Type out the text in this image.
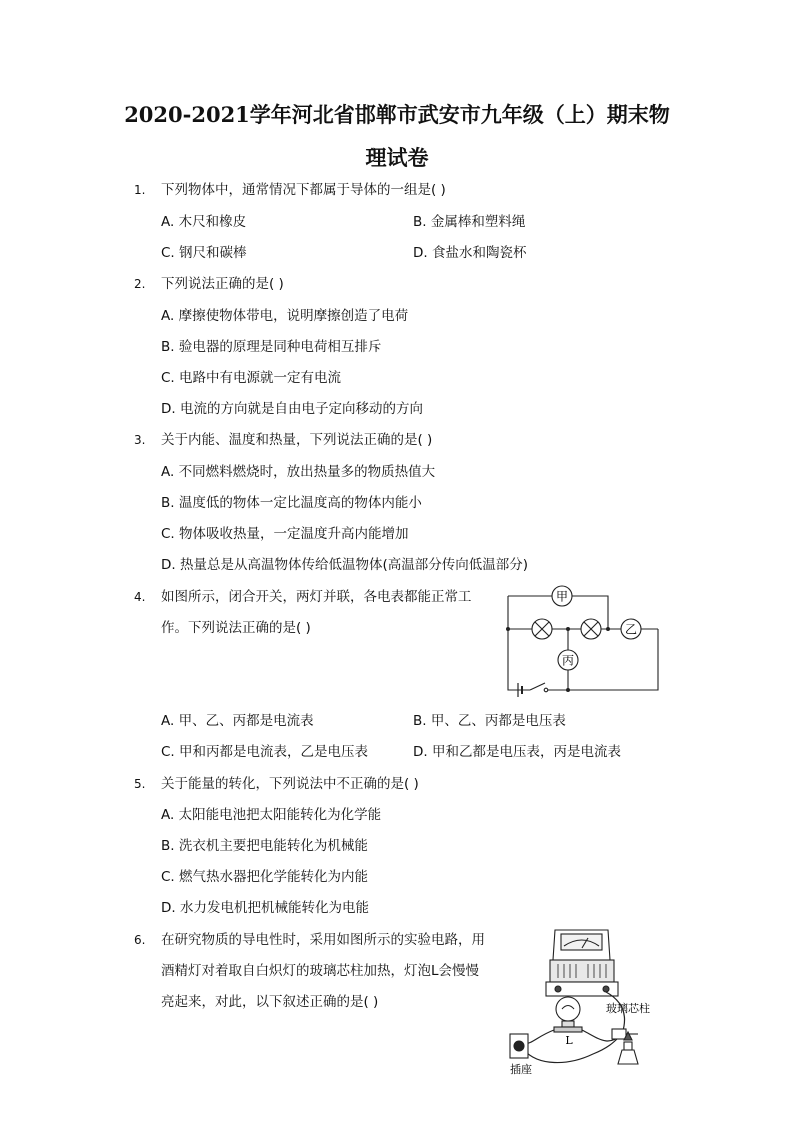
2020-2021学年河北省邯郸市武安市九年级（上）期末物
理试卷
1. 下列物体中，通常情况下都属于导体的一组是( )
A. 木尺和橡皮	B. 金属棒和塑料绳
C. 钢尺和碳棒	D. 食盐水和陶瓷杯
2. 下列说法正确的是( )
A. 摩擦使物体带电，说明摩擦创造了电荷
B. 验电器的原理是同种电荷相互排斥
C. 电路中有电源就一定有电流
D. 电流的方向就是自由电子定向移动的方向
3. 关于内能、温度和热量，下列说法正确的是( )
A. 不同燃料燃烧时，放出热量多的物质热值大
B. 温度低的物体一定比温度高的物体内能小
C. 物体吸收热量，一定温度升高内能增加
D. 热量总是从高温物体传给低温物体(高温部分传向低温部分)
4. 如图所示，闭合开关，两灯并联，各电表都能正常工
作。下列说法正确的是( )
甲
乙
丙
A. 甲、乙、丙都是电流表	B. 甲、乙、丙都是电压表
C. 甲和丙都是电流表，乙是电压表	D. 甲和乙都是电压表，丙是电流表
5. 关于能量的转化，下列说法中不正确的是( )
A. 太阳能电池把太阳能转化为化学能
B. 洗衣机主要把电能转化为机械能
C. 燃气热水器把化学能转化为内能
D. 水力发电机把机械能转化为电能
6. 在研究物质的导电性时，采用如图所示的实验电路，用
酒精灯对着取自白炽灯的玻璃芯柱加热，灯泡L会慢慢
亮起来，对此，以下叙述正确的是( )
L
插座
玻璃芯柱
